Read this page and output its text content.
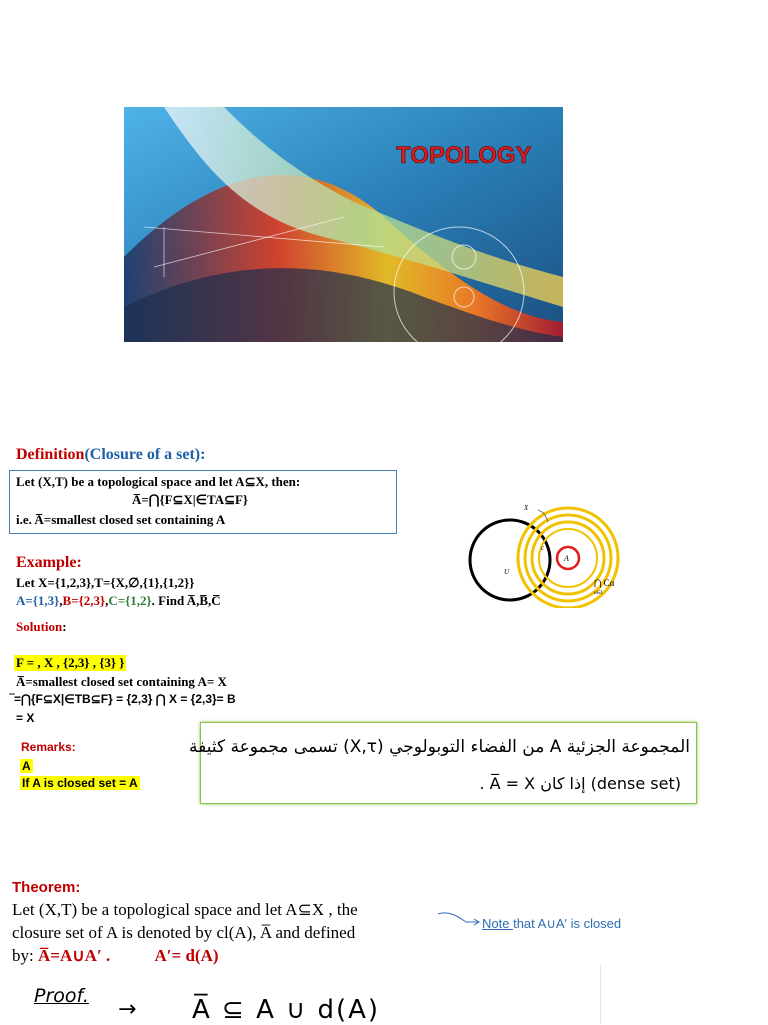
TOPOLOGY
Definition(Closure of a set):
Let (X,T) be a topological space and let A⊆X, then:
A̅=⋂{F⊆X|∈TA⊆F}
i.e. A̅=smallest closed set containing A
X
U
c
A
⋂ Cα
α∈I
Example:
Let X={1,2,3},T={X,∅,{1},{1,2}}
A={1,3},B={2,3},C={1,2}. Find A̅,B̅,C̅
Solution:
F = , X , {2,3} , {3} }
A̅=smallest closed set containing A= X
‾=⋂{F⊆X|∈TB⊆F} = {2,3} ⋂ X = {2,3}= B
= X
Remarks:
A
If A is closed set = A
المجموعة الجزئية A من الفضاء التوبولوجي (X,τ) تسمى مجموعة كثيفة
(dense set) إذا كان A̅ = X .
Theorem:
Let (X,T) be a topological space and let A⊆X , the
closure set of A is denoted by cl(A), A̅ and defined
by: A̅=A∪A′ .	A′= d(A)
Note that A∪A′ is closed
Proof.
→ A̅ ⊆ A ∪ d(A)
